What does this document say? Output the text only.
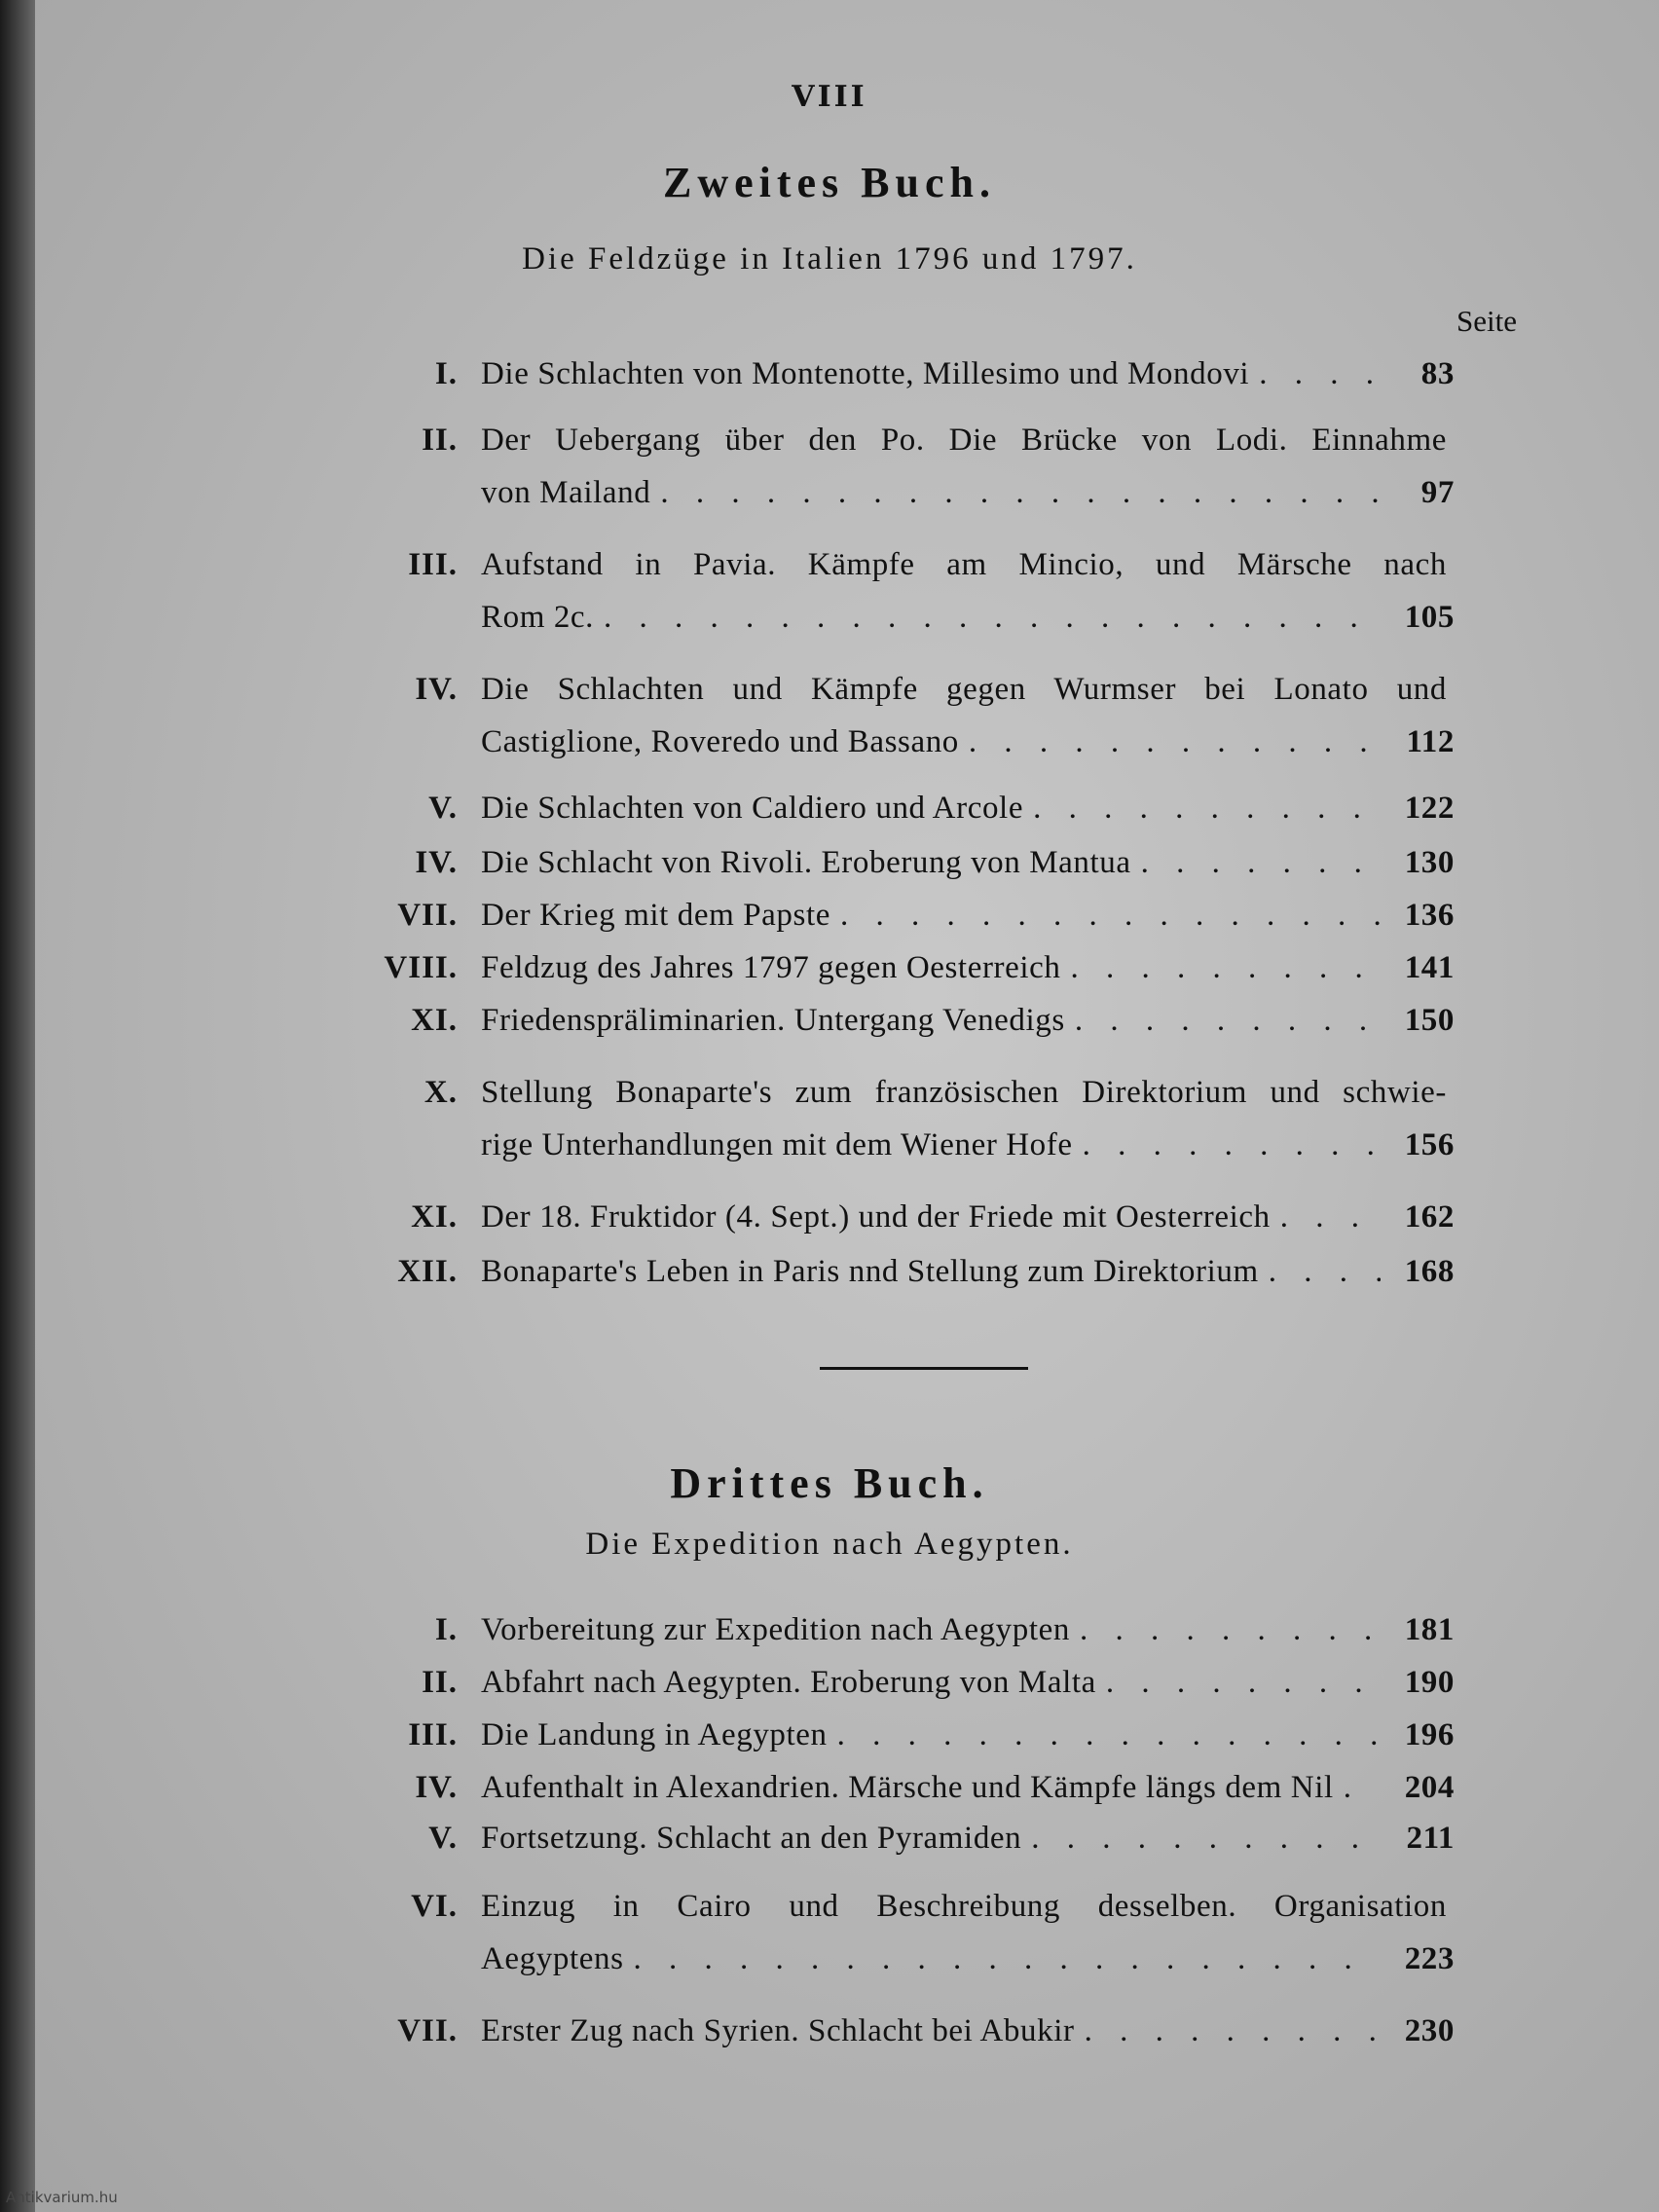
VIII
Zweites Buch.
Die Feldzüge in Italien 1796 und 1797.
Seite
I. Die Schlachten von Montenotte, Millesimo und Mondovi . . .	83
II. Der Uebergang über den Po. Die Brücke von Lodi. Einnahme
von Mailand . . .	97
III. Aufstand in Pavia. Kämpfe am Mincio, und Märsche nach
Rom 2c. . . .	105
IV. Die Schlachten und Kämpfe gegen Wurmser bei Lonato und
Castiglione, Roveredo und Bassano . . .	112
V. Die Schlachten von Caldiero und Arcole . . .	122
IV. Die Schlacht von Rivoli. Eroberung von Mantua . . .	130
VII. Der Krieg mit dem Papste . . .	136
VIII. Feldzug des Jahres 1797 gegen Oesterreich . . .	141
XI. Friedenspräliminarien. Untergang Venedigs . . .	150
X. Stellung Bonaparte's zum französischen Direktorium und schwie-
rige Unterhandlungen mit dem Wiener Hofe . . .	156
XI. Der 18. Fruktidor (4. Sept.) und der Friede mit Oesterreich . . .	162
XII. Bonaparte's Leben in Paris nnd Stellung zum Direktorium . . .	168
Drittes Buch.
Die Expedition nach Aegypten.
I. Vorbereitung zur Expedition nach Aegypten . . .	181
II. Abfahrt nach Aegypten. Eroberung von Malta . . .	190
III. Die Landung in Aegypten . . .	196
IV. Aufenthalt in Alexandrien. Märsche und Kämpfe längs dem Nil . . .	204
V. Fortsetzung. Schlacht an den Pyramiden . . .	211
VI. Einzug in Cairo und Beschreibung desselben. Organisation
Aegyptens . . .	223
VII. Erster Zug nach Syrien. Schlacht bei Abukir . . .	230
Antikvarium.hu
